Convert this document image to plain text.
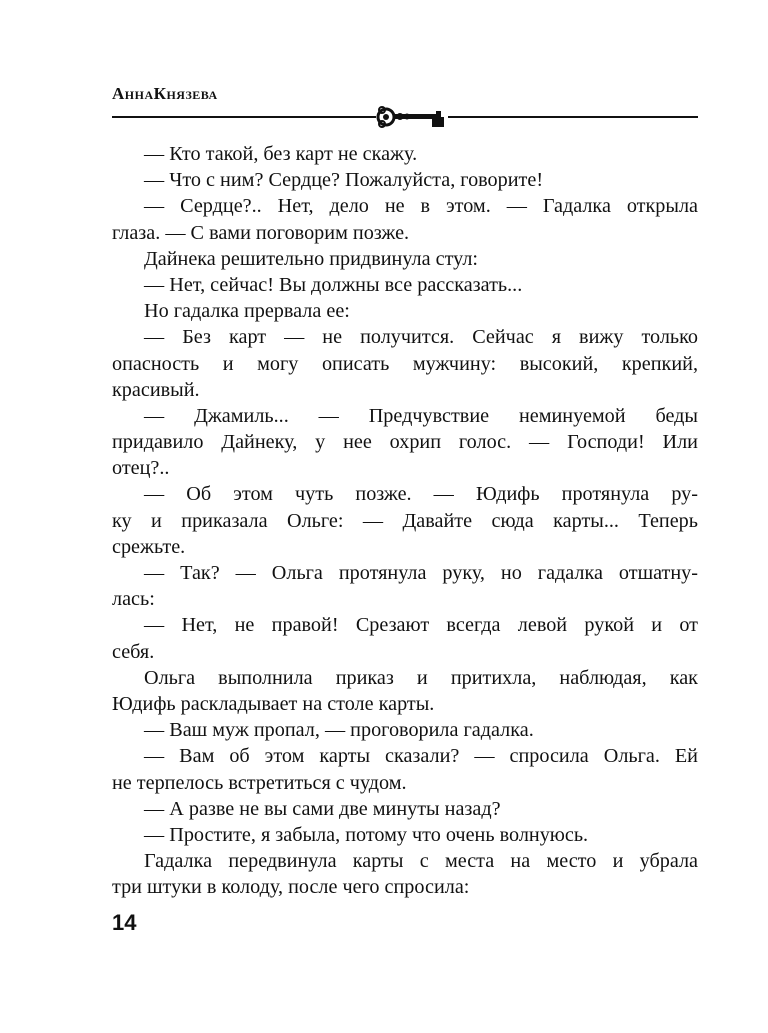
АннаКнязева
— Кто такой, без карт не скажу.
— Что с ним? Сердце? Пожалуйста, говорите!
— Сердце?.. Нет, дело не в этом. — Гадалка открыла
глаза. — С вами поговорим позже.
Дайнека решительно придвинула стул:
— Нет, сейчас! Вы должны все рассказать...
Но гадалка прервала ее:
— Без карт — не получится. Сейчас я вижу только
опасность и могу описать мужчину: высокий, крепкий,
красивый.
— Джамиль... — Предчувствие неминуемой беды
придавило Дайнеку, у нее охрип голос. — Господи! Или
отец?..
— Об этом чуть позже. — Юдифь протянула ру-
ку и приказала Ольге: — Давайте сюда карты... Теперь
срежьте.
— Так? — Ольга протянула руку, но гадалка отшатну-
лась:
— Нет, не правой! Срезают всегда левой рукой и от
себя.
Ольга выполнила приказ и притихла, наблюдая, как
Юдифь раскладывает на столе карты.
— Ваш муж пропал, — проговорила гадалка.
— Вам об этом карты сказали? — спросила Ольга. Ей
не терпелось встретиться с чудом.
— А разве не вы сами две минуты назад?
— Простите, я забыла, потому что очень волнуюсь.
Гадалка передвинула карты с места на место и убрала
три штуки в колоду, после чего спросила:
14
